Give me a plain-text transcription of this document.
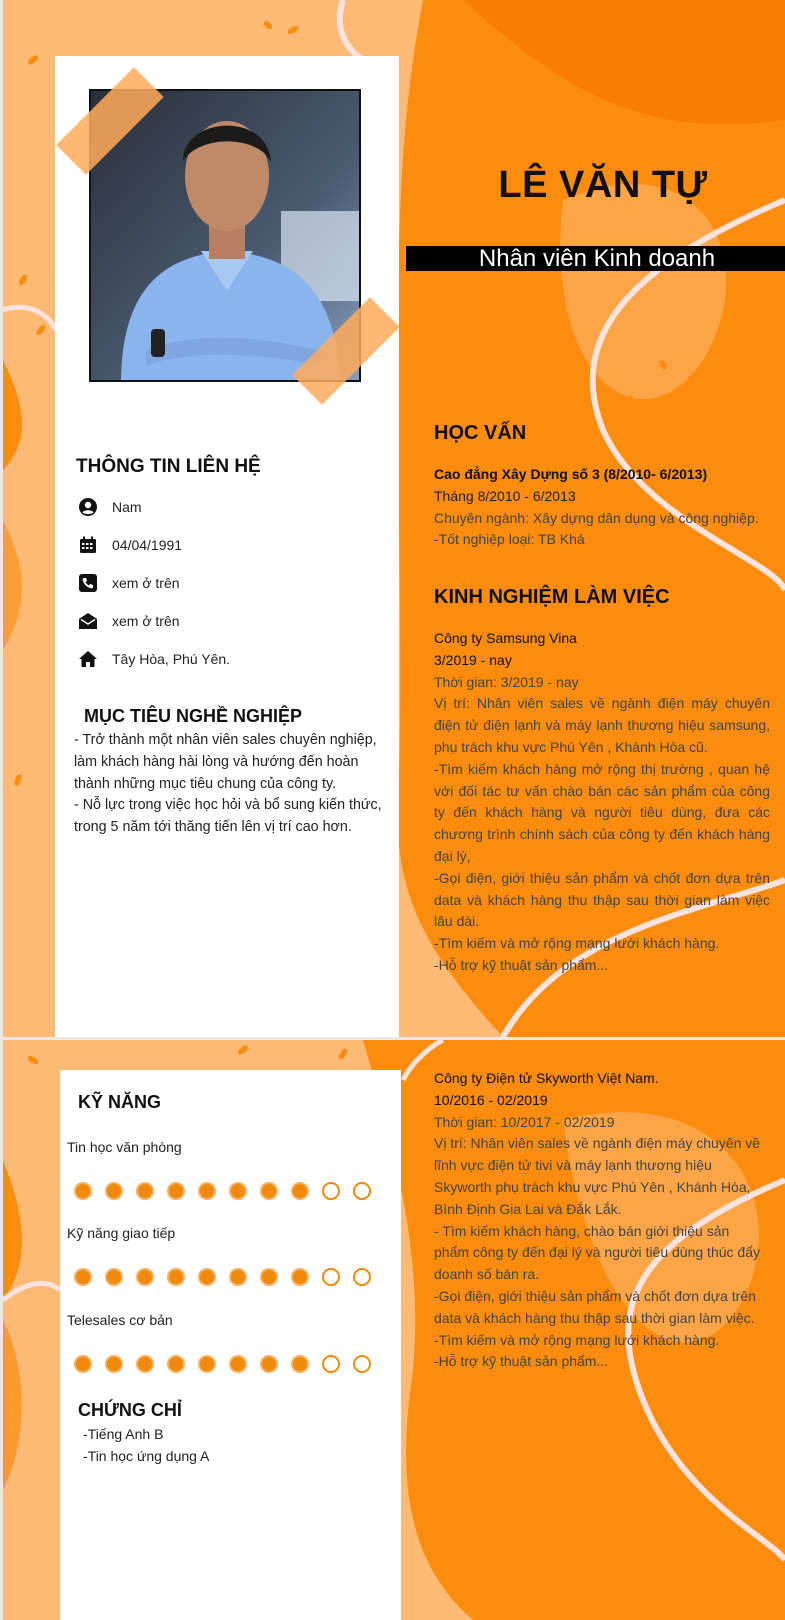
LÊ VĂN TỰ
Nhân viên Kinh doanh
THÔNG TIN LIÊN HỆ
Nam
04/04/1991
xem ở trên
xem ở trên
Tây Hòa, Phú Yên.
MỤC TIÊU NGHỀ NGHIỆP
- Trở thành một nhân viên sales chuyên nghiệp,
làm khách hàng hài lòng và hướng đến hoàn
thành những mục tiêu chung của công ty.
- Nỗ lực trong việc học hỏi và bổ sung kiến thức,
trong 5 năm tới thăng tiến lên vị trí cao hơn.
HỌC VẤN
Cao đẳng Xây Dựng số 3 (8/2010- 6/2013)
Tháng 8/2010 - 6/2013
Chuyên ngành: Xây dựng dân dụng và công nghiệp.
-Tốt nghiệp loại: TB Khá
KINH NGHIỆM LÀM VIỆC
Công ty Samsung Vina
3/2019 - nay
Thời gian: 3/2019 - nay
Vị trí: Nhân viên sales về ngành điện máy chuyên điện tử điện lạnh và máy lạnh thương hiệu samsung, phụ trách khu vực Phú Yên , Khánh Hòa cũ.
-Tìm kiếm khách hàng mở rộng thị trường , quan hệ với đối tác tư vấn chào bán các sản phẩm của công ty đến khách hàng và người tiêu dùng, đưa các chương trình chính sách của công ty đến khách hàng đại lý,
-Gọi điện, giới thiệu sản phẩm và chốt đơn dựa trên data và khách hàng thu thập sau thời gian làm việc lâu dài.
-Tìm kiếm và mở rộng mạng lưới khách hàng.
-Hỗ trợ kỹ thuật sản phẩm...
KỸ NĂNG
Tin học văn phòng
Kỹ năng giao tiếp
Telesales cơ bản
CHỨNG CHỈ
-Tiếng Anh B
-Tin học ứng dụng A
Công ty Điện tử Skyworth Việt Nam.
10/2016 - 02/2019
Thời gian: 10/2017 - 02/2019
Vị trí: Nhân viên sales về ngành điện máy chuyên về
lĩnh vực điện tử tivi và máy lạnh thương hiệu
Skyworth phụ trách khu vực Phú Yên , Khánh Hòa,
Bình Định Gia Lai và Đắk Lắk.
- Tìm kiếm khách hàng, chào bán giới thiệu sản
phẩm công ty đến đại lý và người tiêu dùng thúc đẩy
doanh số bán ra.
-Gọi điện, giới thiệu sản phẩm và chốt đơn dựa trên
data và khách hàng thu thập sau thời gian làm việc.
-Tìm kiếm và mở rộng mạng lưới khách hàng.
-Hỗ trợ kỹ thuật sản phẩm...
